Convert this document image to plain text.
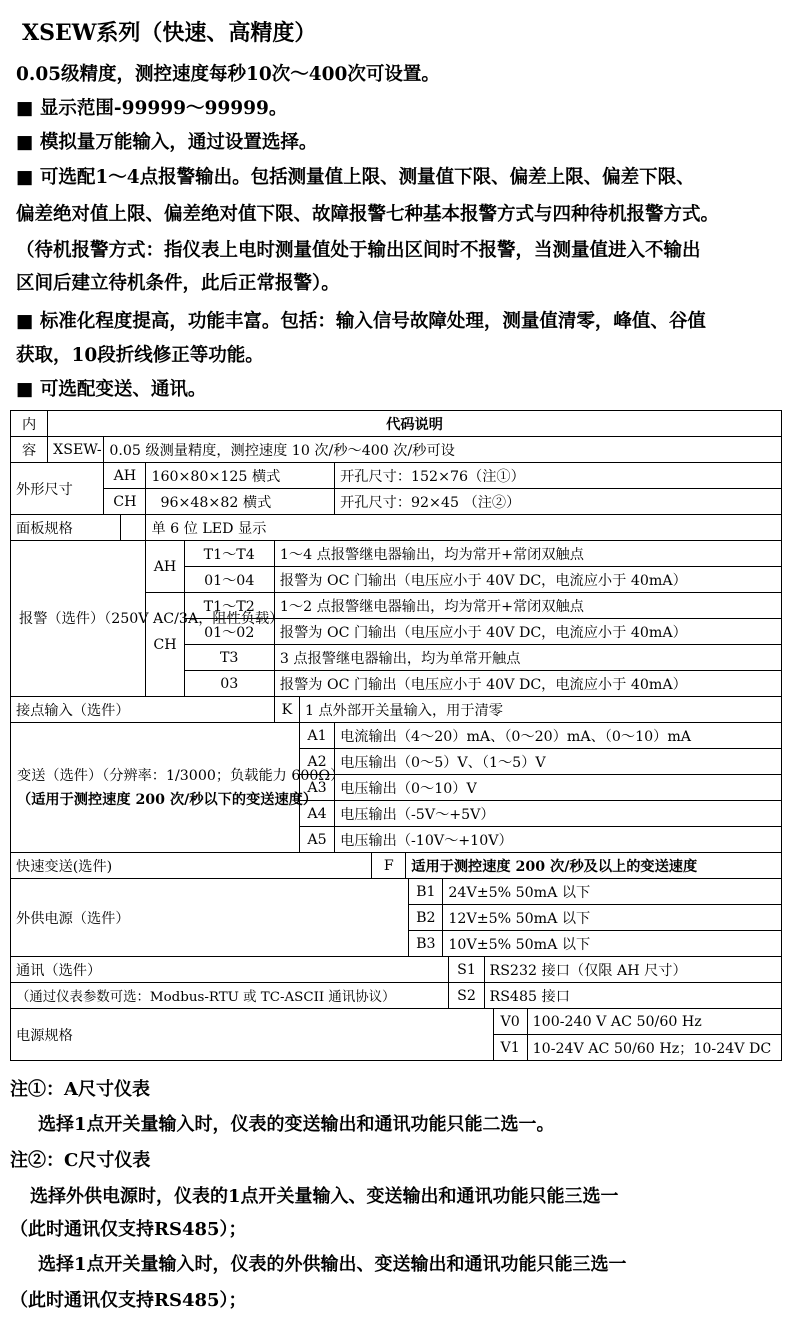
XSEW系列（快速、高精度）
0.05级精度，测控速度每秒10次～400次可设置。
■ 显示范围-99999～99999。
■ 模拟量万能输入，通过设置选择。
■ 可选配1～4点报警输出。包括测量值上限、测量值下限、偏差上限、偏差下限、
偏差绝对值上限、偏差绝对值下限、故障报警七种基本报警方式与四种待机报警方式。
（待机报警方式：指仪表上电时测量值处于输出区间时不报警，当测量值进入不输出
区间后建立待机条件，此后正常报警）。
■ 标准化程度提高，功能丰富。包括：输入信号故障处理，测量值清零，峰值、谷值
获取，10段折线修正等功能。
■ 可选配变送、通讯。
内	代码说明															
容	XSEW-	0.05 级测量精度，测控速度 10 次/秒～400 次/秒可设														
外形尺寸		AH		160×80×125 横式				开孔尺寸：152×76（注①）								
		CH		96×48×82 横式				开孔尺寸：92×45 （注②）								
面板规格				单 6 位 LED 显示												
报警（选件）（250V AC/3A，阻性负载）				AH	T1～T4	1～4 点报警继电器输出，均为常开+常闭双触点										
					01～04	报警为 OC 门输出（电压应小于 40V DC，电流应小于 40mA）										
				CH	T1～T2	1～2 点报警继电器输出，均为常开+常闭双触点										
					01～02	报警为 OC 门输出（电压应小于 40V DC，电流应小于 40mA）										
					T3	3 点报警继电器输出，均为单常开触点										
					03	报警为 OC 门输出（电压应小于 40V DC，电流应小于 40mA）										
接点输入（选件）						K	1 点外部开关量输入，用于清零									
变送（选件）（分辨率：1/3000；负载能力 600Ω）
（适用于测控速度 200 次/秒以下的变送速度）							A1	电流输出（4～20）mA、（0～20）mA、（0～10）mA								
							A2	电压输出（0～5）V、（1～5）V								
							A3	电压输出（0～10）V								
							A4	电压输出（-5V～+5V）								
							A5	电压输出（-10V～+10V）								
快速变送(选件)									F	适用于测控速度 200 次/秒及以上的变送速度						
外供电源（选件）											B1	24V±5% 50mA 以下				
											B2	12V±5% 50mA 以下				
											B3	10V±5% 50mA 以下				
通讯（选件）													S1	RS232 接口（仅限 AH 尺寸）		
（通过仪表参数可选：Modbus-RTU 或 TC-ASCII 通讯协议）													S2	RS485 接口		
电源规格															V0	100-240 V AC 50/60 Hz
															V1	10-24V AC 50/60 Hz；10-24V DC
注①：A尺寸仪表
选择1点开关量输入时，仪表的变送输出和通讯功能只能二选一。
注②：C尺寸仪表
选择外供电源时，仪表的1点开关量输入、变送输出和通讯功能只能三选一
（此时通讯仅支持RS485）；
选择1点开关量输入时，仪表的外供输出、变送输出和通讯功能只能三选一
（此时通讯仅支持RS485）；
